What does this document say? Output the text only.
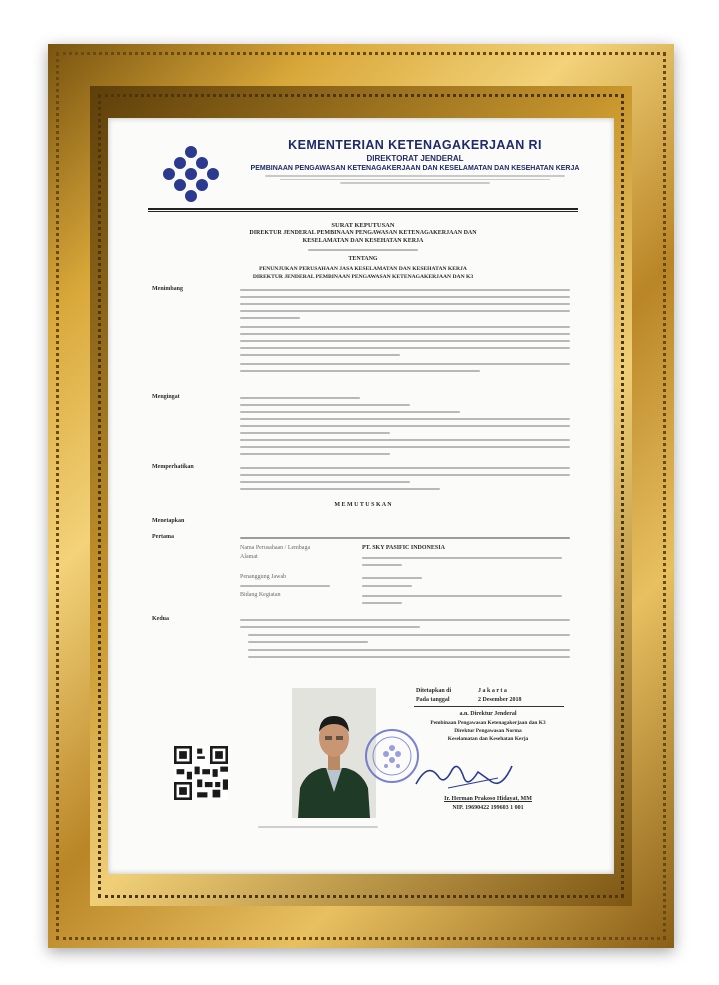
KEMENTERIAN KETENAGAKERJAAN RI
DIREKTORAT JENDERAL
PEMBINAAN PENGAWASAN KETENAGAKERJAAN DAN KESELAMATAN DAN KESEHATAN KERJA
SURAT KEPUTUSAN
DIREKTUR JENDERAL PEMBINAAN PENGAWASAN KETENAGAKERJAAN DAN
KESELAMATAN DAN KESEHATAN KERJA
TENTANG
PENUNJUKAN PERUSAHAAN JASA KESELAMATAN DAN KESEHATAN KERJA
DIREKTUR JENDERAL PEMBINAAN PENGAWASAN KETENAGAKERJAAN DAN K3
Menimbang
Mengingat
Memperhatikan
M E M U T U S K A N
Menetapkan
Pertama
Nama Perusahaan / Lembaga	PT. SKY PASIFIC INDONESIA
Alamat
Penanggung Jawab
Bidang Kegiatan
Kedua
Ditetapkan di	J a k a r t a
Pada tanggal	2 Desember 2018
a.n. Direktur Jenderal
Pembinaan Pengawasan Ketenagakerjaan dan K3
Direktur Pengawasan Norma
Keselamatan dan Kesehatan Kerja
Ir. Herman Prakoso Hidayat, MM
NIP. 19690422 199603 1 001
